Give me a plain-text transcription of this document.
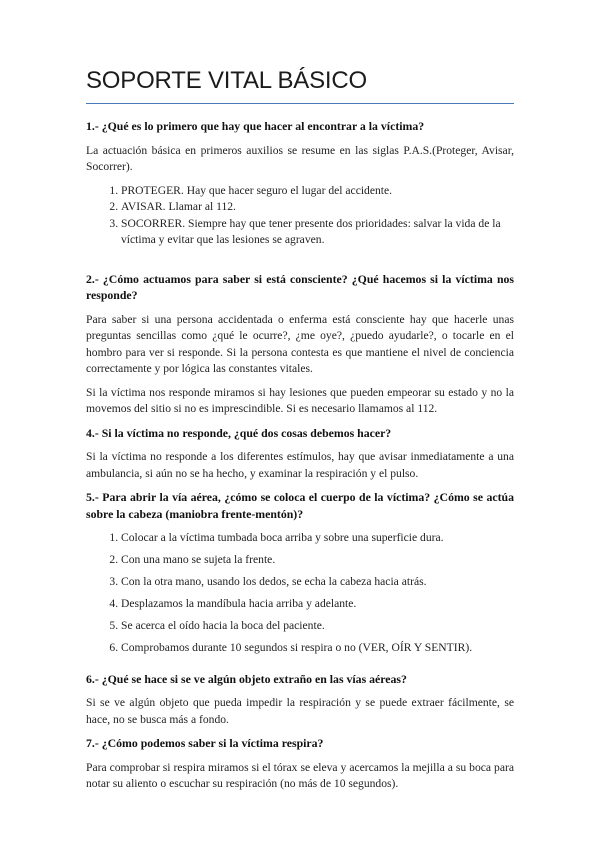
SOPORTE VITAL BÁSICO
1.- ¿Qué es lo primero que hay que hacer al encontrar a la víctima?

La actuación básica en primeros auxilios se resume en las siglas P.A.S.(Proteger, Avisar, Socorrer).

1. PROTEGER. Hay que hacer seguro el lugar del accidente.
2. AVISAR. Llamar al 112.
3. SOCORRER. Siempre hay que tener presente dos prioridades: salvar la vida de la víctima y evitar que las lesiones se agraven.
2.- ¿Cómo actuamos para saber si está consciente? ¿Qué hacemos si la víctima nos responde?

Para saber si una persona accidentada o enferma está consciente hay que hacerle unas preguntas sencillas como ¿qué le ocurre?, ¿me oye?, ¿puedo ayudarle?, o tocarle en el hombro para ver si responde. Si la persona contesta es que mantiene el nivel de conciencia correctamente y por lógica las constantes vitales.

Si la víctima nos responde miramos si hay lesiones que pueden empeorar su estado y no la movemos del sitio si no es imprescindible. Si es necesario llamamos al 112.

4.- Si la víctima no responde, ¿qué dos cosas debemos hacer?

Si la víctima no responde a los diferentes estímulos, hay que avisar inmediatamente a una ambulancia, si aún no se ha hecho, y examinar la respiración y el pulso.

5.- Para abrir la vía aérea, ¿cómo se coloca el cuerpo de la víctima? ¿Cómo se actúa sobre la cabeza (maniobra frente-mentón)?
1. Colocar a la víctima tumbada boca arriba y sobre una superficie dura.
2. Con una mano se sujeta la frente.
3. Con la otra mano, usando los dedos, se echa la cabeza hacia atrás.
4. Desplazamos la mandíbula hacia arriba y adelante.
5. Se acerca el oído hacia la boca del paciente.
6. Comprobamos durante 10 segundos si respira o no (VER, OÍR Y SENTIR).
6.- ¿Qué se hace si se ve algún objeto extraño en las vías aéreas?

Si se ve algún objeto que pueda impedir la respiración y se puede extraer fácilmente, se hace, no se busca más a fondo.

7.- ¿Cómo podemos saber si la víctima respira?

Para comprobar si respira miramos si el tórax se eleva y acercamos la mejilla a su boca para notar su aliento o escuchar su respiración (no más de 10 segundos).
